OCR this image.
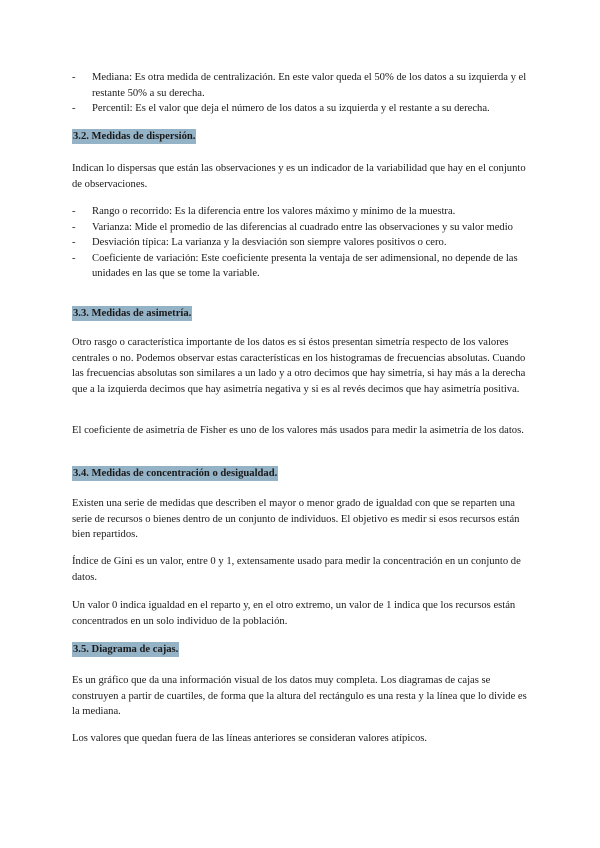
- Mediana: Es otra medida de centralización. En este valor queda el 50% de los datos a su izquierda y el restante 50% a su derecha.
- Percentil: Es el valor que deja el número de los datos a su izquierda y el restante a su derecha.
3.2. Medidas de dispersión.

Indican lo dispersas que están las observaciones y es un indicador de la variabilidad que hay en el conjunto de observaciones.

- Rango o recorrido: Es la diferencia entre los valores máximo y mínimo de la muestra.
- Varianza: Mide el promedio de las diferencias al cuadrado entre las observaciones y su valor medio
- Desviación típica: La varianza y la desviación son siempre valores positivos o cero.
- Coeficiente de variación: Este coeficiente presenta la ventaja de ser adimensional, no depende de las unidades en las que se tome la variable.
3.3. Medidas de asimetría.

Otro rasgo o característica importante de los datos es si éstos presentan simetría respecto de los valores centrales o no. Podemos observar estas características en los histogramas de frecuencias absolutas. Cuando las frecuencias absolutas son similares a un lado y a otro decimos que hay simetría, si hay más a la derecha que a la izquierda decimos que hay asimetría negativa y si es al revés decimos que hay asimetría positiva.

El coeficiente de asimetría de Fisher es uno de los valores más usados para medir la asimetría de los datos.

3.4. Medidas de concentración o desigualdad.

Existen una serie de medidas que describen el mayor o menor grado de igualdad con que se reparten una serie de recursos o bienes dentro de un conjunto de individuos. El objetivo es medir si esos recursos están bien repartidos.

Índice de Gini es un valor, entre 0 y 1, extensamente usado para medir la concentración en un conjunto de datos.

Un valor 0 indica igualdad en el reparto y, en el otro extremo, un valor de 1 indica que los recursos están concentrados en un solo individuo de la población.

3.5. Diagrama de cajas.

Es un gráfico que da una información visual de los datos muy completa. Los diagramas de cajas se construyen a partir de cuartiles, de forma que la altura del rectángulo es una resta y la línea que lo divide es la mediana.

Los valores que quedan fuera de las líneas anteriores se consideran valores atípicos.
